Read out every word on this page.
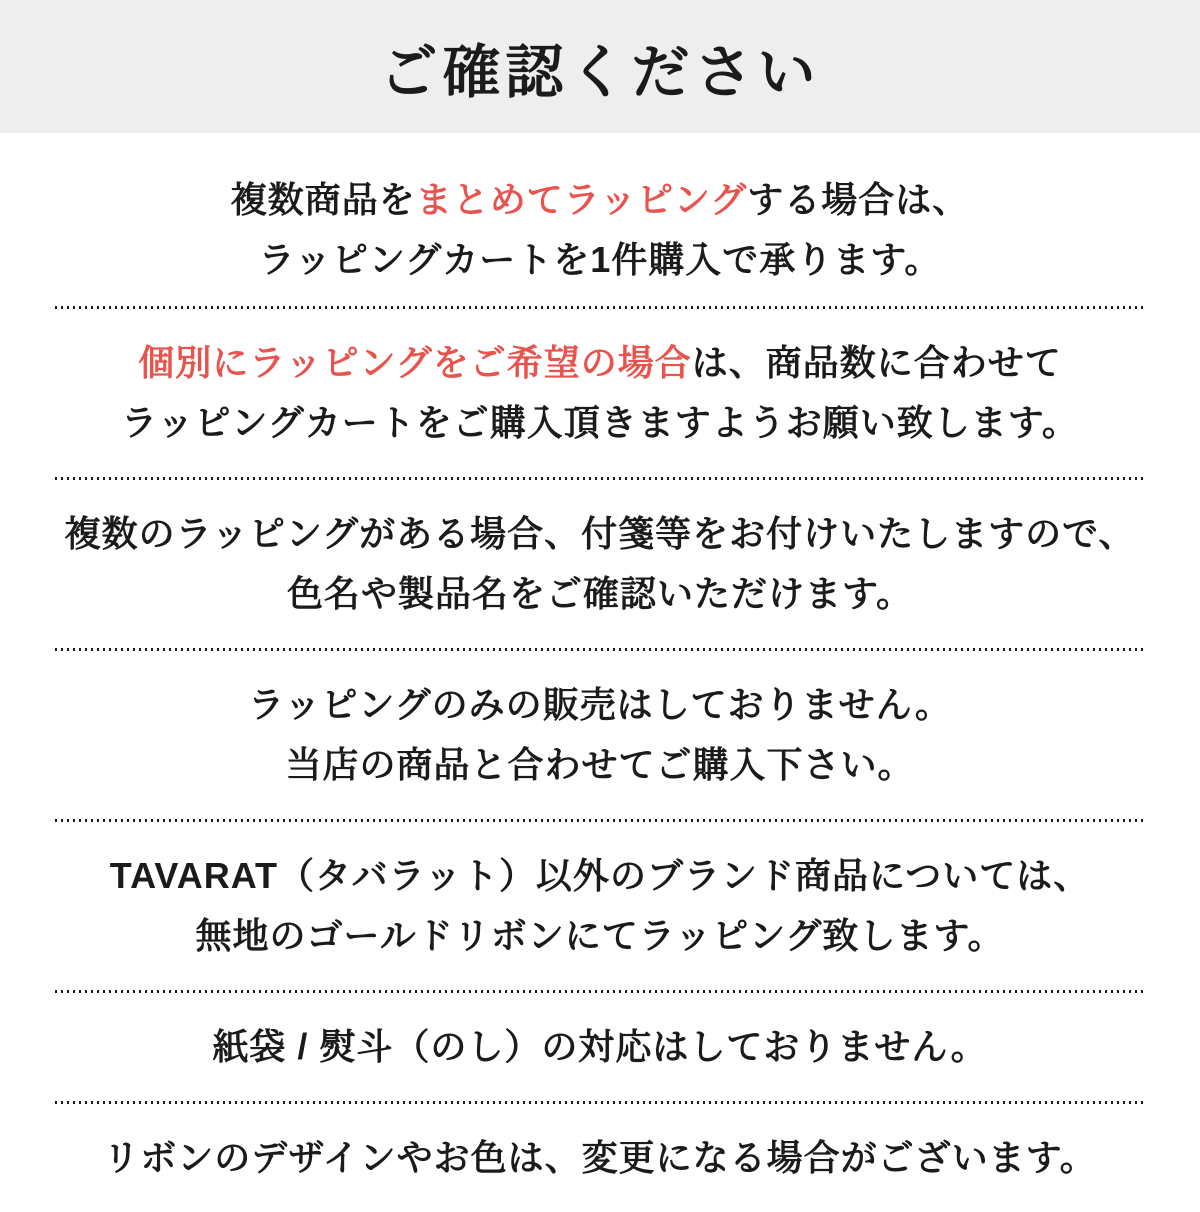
ご確認ください

複数商品をまとめてラッピングする場合は、

ラッピングカートを1件購入で承ります。

個別にラッピングをご希望の場合は、商品数に合わせて

ラッピングカートをご購入頂きますようお願い致します。

複数のラッピングがある場合、付箋等をお付けいたしますので、

色名や製品名をご確認いただけます。

ラッピングのみの販売はしておりません。

当店の商品と合わせてご購入下さい。

TAVARAT（タバラット）以外のブランド商品については、

無地のゴールドリボンにてラッピング致します。

紙袋 / 熨斗（のし）の対応はしておりません。

リボンのデザインやお色は、変更になる場合がございます。
